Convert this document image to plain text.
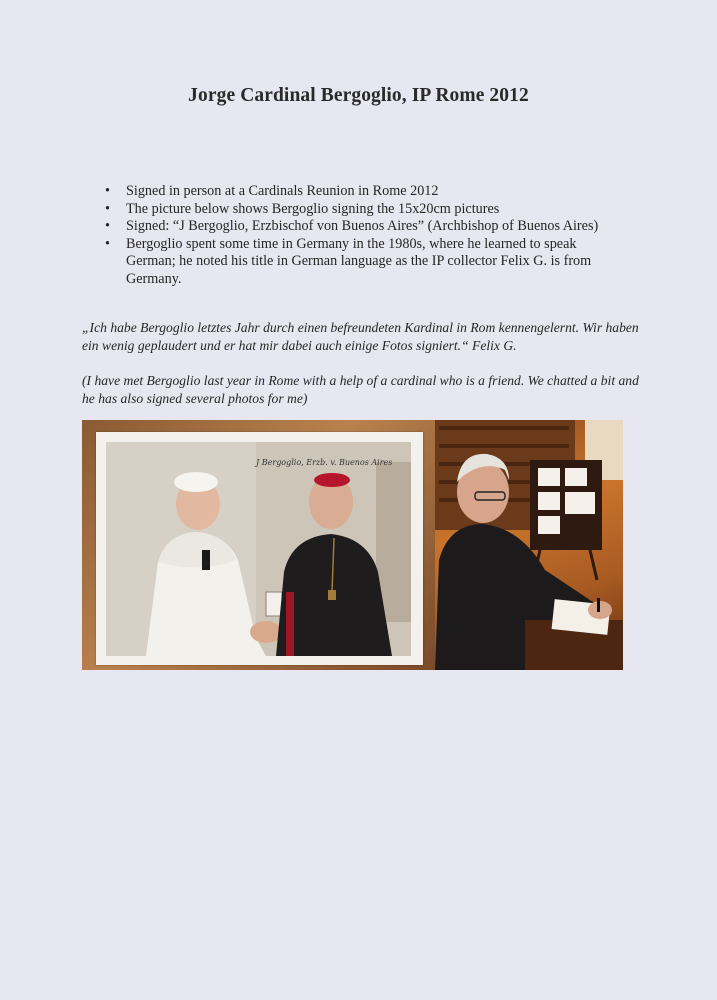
Jorge Cardinal Bergoglio, IP Rome 2012
• Signed in person at a Cardinals Reunion in Rome 2012
• The picture below shows Bergoglio signing the 15x20cm pictures
• Signed: “J Bergoglio, Erzbischof von Buenos Aires” (Archbishop of Buenos Aires)
• Bergoglio spent some time in Germany in the 1980s, where he learned to speak German; he noted his title in German language as the IP collector Felix G. is from Germany.

„Ich habe Bergoglio letztes Jahr durch einen befreundeten Kardinal in Rom kennengelernt. Wir haben ein wenig geplaudert und er hat mir dabei auch einige Fotos signiert.“ Felix G.

(I have met Bergoglio last year in Rome with a help of a cardinal who is a friend. We chatted a bit and he has also signed several photos for me)

J Bergoglio, Erzb. v. Buenos Aires
